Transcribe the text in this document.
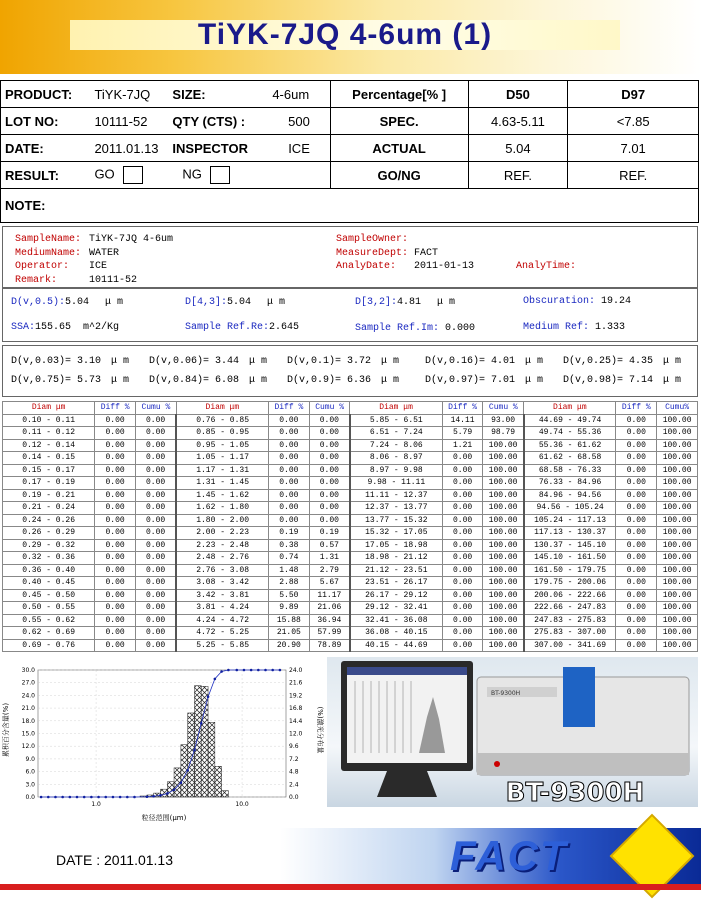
TiYK-7JQ 4-6um (1)
PRODUCT:	TiYK-7JQ	SIZE:	4-6um	Percentage[% ]	D50	D97
LOT NO:	10111-52	QTY (CTS) :	500	SPEC.	4.63-5.11	<7.85
DATE:	2011.01.13	INSPECTOR	ICE	ACTUAL	5.04	7.01
RESULT:	GO	NG		GO/NG	REF.	REF.
NOTE:						
SampleName: TiYK-7JQ 4-6um
MediumName: WATER
Operator: ICE
Remark:	10111-52
SampleOwner:
MeasureDept: FACT
AnalyDate: 2011-01-13	AnalyTime:
D(v,0.5):5.04 μ m	D[4,3]:5.04 μ m	D[3,2]:4.81 μ m	Obscuration: 19.24
SSA:155.65 m^2/Kg	Sample Ref.Re:2.645	Sample Ref.Im: 0.000	Medium Ref: 1.333
D(v,0.03)= 3.10 μ m	D(v,0.06)= 3.44 μ m	D(v,0.1)= 3.72 μ m	D(v,0.16)= 4.01 μ m	D(v,0.25)= 4.35 μ m
D(v,0.75)= 5.73 μ m	D(v,0.84)= 6.08 μ m	D(v,0.9)= 6.36 μ m	D(v,0.97)= 7.01 μ m	D(v,0.98)= 7.14 μ m
Diam μm	Diff %	Cumu %	Diam μm	Diff %	Cumu %	Diam μm	Diff %	Cumu %	Diam μm	Diff %	Cumu%
0.10 - 0.11	0.00	0.00	0.76 - 0.85	0.00	0.00	5.85 - 6.51	14.11	93.00	44.69 - 49.74	0.00	100.00
0.11 - 0.12	0.00	0.00	0.85 - 0.95	0.00	0.00	6.51 - 7.24	5.79	98.79	49.74 - 55.36	0.00	100.00
0.12 - 0.14	0.00	0.00	0.95 - 1.05	0.00	0.00	7.24 - 8.06	1.21	100.00	55.36 - 61.62	0.00	100.00
0.14 - 0.15	0.00	0.00	1.05 - 1.17	0.00	0.00	8.06 - 8.97	0.00	100.00	61.62 - 68.58	0.00	100.00
0.15 - 0.17	0.00	0.00	1.17 - 1.31	0.00	0.00	8.97 - 9.98	0.00	100.00	68.58 - 76.33	0.00	100.00
0.17 - 0.19	0.00	0.00	1.31 - 1.45	0.00	0.00	9.98 - 11.11	0.00	100.00	76.33 - 84.96	0.00	100.00
0.19 - 0.21	0.00	0.00	1.45 - 1.62	0.00	0.00	11.11 - 12.37	0.00	100.00	84.96 - 94.56	0.00	100.00
0.21 - 0.24	0.00	0.00	1.62 - 1.80	0.00	0.00	12.37 - 13.77	0.00	100.00	94.56 - 105.24	0.00	100.00
0.24 - 0.26	0.00	0.00	1.80 - 2.00	0.00	0.00	13.77 - 15.32	0.00	100.00	105.24 - 117.13	0.00	100.00
0.26 - 0.29	0.00	0.00	2.00 - 2.23	0.19	0.19	15.32 - 17.05	0.00	100.00	117.13 - 130.37	0.00	100.00
0.29 - 0.32	0.00	0.00	2.23 - 2.48	0.38	0.57	17.05 - 18.98	0.00	100.00	130.37 - 145.10	0.00	100.00
0.32 - 0.36	0.00	0.00	2.48 - 2.76	0.74	1.31	18.98 - 21.12	0.00	100.00	145.10 - 161.50	0.00	100.00
0.36 - 0.40	0.00	0.00	2.76 - 3.08	1.48	2.79	21.12 - 23.51	0.00	100.00	161.50 - 179.75	0.00	100.00
0.40 - 0.45	0.00	0.00	3.08 - 3.42	2.88	5.67	23.51 - 26.17	0.00	100.00	179.75 - 200.06	0.00	100.00
0.45 - 0.50	0.00	0.00	3.42 - 3.81	5.50	11.17	26.17 - 29.12	0.00	100.00	200.06 - 222.66	0.00	100.00
0.50 - 0.55	0.00	0.00	3.81 - 4.24	9.89	21.06	29.12 - 32.41	0.00	100.00	222.66 - 247.83	0.00	100.00
0.55 - 0.62	0.00	0.00	4.24 - 4.72	15.88	36.94	32.41 - 36.08	0.00	100.00	247.83 - 275.83	0.00	100.00
0.62 - 0.69	0.00	0.00	4.72 - 5.25	21.05	57.99	36.08 - 40.15	0.00	100.00	275.83 - 307.00	0.00	100.00
0.69 - 0.76	0.00	0.00	5.25 - 5.85	20.90	78.89	40.15 - 44.69	0.00	100.00	307.00 - 341.69	0.00	100.00
30.0	24.0
27.0	21.6
24.0	19.2
21.0	16.8
18.0	14.4
15.0	12.0
12.0	9.6
9.0	7.2
6.0	4.8
3.0	2.4
0.0	0.0
1.0	10.0
累积百分含量(%)	(%)激光分布量
粒径范围(μm)
BT-9300H
BT-9300H
DATE : 2011.01.13	FACT
